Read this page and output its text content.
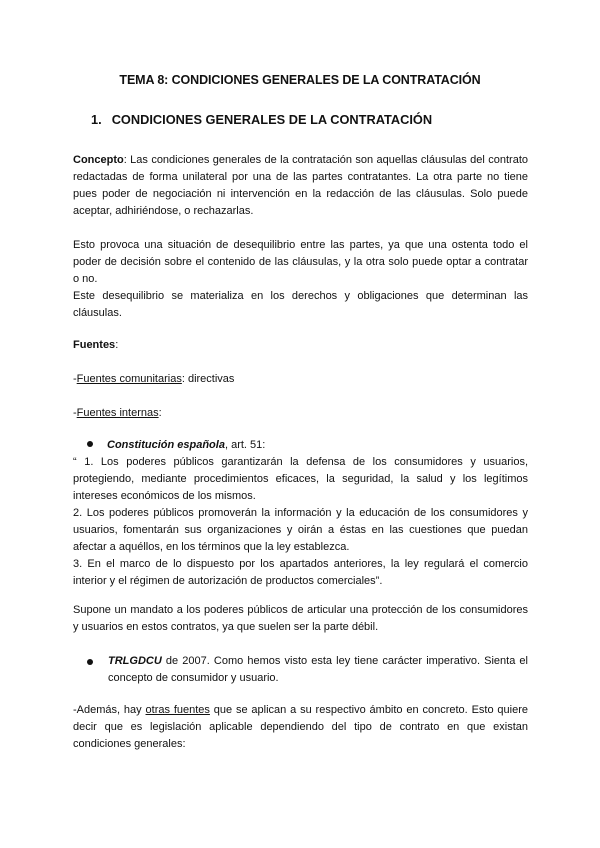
TEMA 8: CONDICIONES GENERALES DE LA CONTRATACIÓN
1. CONDICIONES GENERALES DE LA CONTRATACIÓN
Concepto: Las condiciones generales de la contratación son aquellas cláusulas del contrato redactadas de forma unilateral por una de las partes contratantes. La otra parte no tiene pues poder de negociación ni intervención en la redacción de las cláusulas. Solo puede aceptar, adhiriéndose, o rechazarlas.
Esto provoca una situación de desequilibrio entre las partes, ya que una ostenta todo el poder de decisión sobre el contenido de las cláusulas, y la otra solo puede optar a contratar o no.
Este desequilibrio se materializa en los derechos y obligaciones que determinan las cláusulas.
Fuentes:
-Fuentes comunitarias: directivas
-Fuentes internas:
Constitución española, art. 51:
“ 1. Los poderes públicos garantizarán la defensa de los consumidores y usuarios, protegiendo, mediante procedimientos eficaces, la seguridad, la salud y los legítimos intereses económicos de los mismos.
2. Los poderes públicos promoverán la información y la educación de los consumidores y usuarios, fomentarán sus organizaciones y oirán a éstas en las cuestiones que puedan afectar a aquéllos, en los términos que la ley establezca.
3. En el marco de lo dispuesto por los apartados anteriores, la ley regulará el comercio interior y el régimen de autorización de productos comerciales”.
Supone un mandato a los poderes públicos de articular una protección de los consumidores y usuarios en estos contratos, ya que suelen ser la parte débil.
TRLGDCU de 2007. Como hemos visto esta ley tiene carácter imperativo. Sienta el concepto de consumidor y usuario.
-Además, hay otras fuentes que se aplican a su respectivo ámbito en concreto. Esto quiere decir que es legislación aplicable dependiendo del tipo de contrato en que existan condiciones generales:
